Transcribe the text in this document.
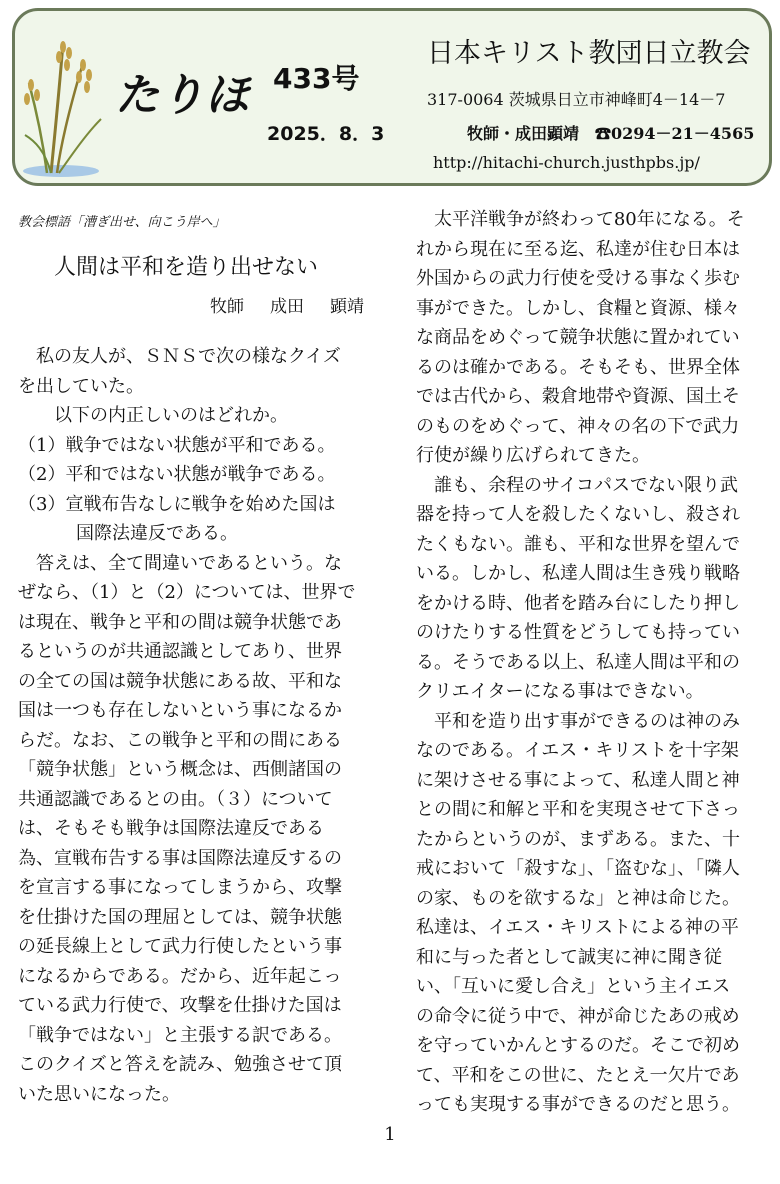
たりほ 433号
2025．8．3
日本キリスト教団日立教会
317-0064 茨城県日立市神峰町4－14－7
牧師・成田顕靖　☎0294－21－4565
http://hitachi-church.justhpbs.jp/
教会標語「漕ぎ出せ、向こう岸へ」
人間は平和を造り出せない
牧師 成田 顕靖

　私の友人が、ＳＮＳで次の様なクイズ

を出していた。

　　以下の内正しいのはどれか。

（1）戦争ではない状態が平和である。

（2）平和ではない状態が戦争である。

（3）宣戦布告なしに戦争を始めた国は

国際法違反である。

　答えは、全て間違いであるという。な

ぜなら、（1）と（2）については、世界で

は現在、戦争と平和の間は競争状態であ

るというのが共通認識としてあり、世界

の全ての国は競争状態にある故、平和な

国は一つも存在しないという事になるか

らだ。なお、この戦争と平和の間にある

「競争状態」という概念は、西側諸国の

共通認識であるとの由。（３）について

は、そもそも戦争は国際法違反である

為、宣戦布告する事は国際法違反するの

を宣言する事になってしまうから、攻撃

を仕掛けた国の理屈としては、競争状態

の延長線上として武力行使したという事

になるからである。だから、近年起こっ

ている武力行使で、攻撃を仕掛けた国は

「戦争ではない」と主張する訳である。

このクイズと答えを読み、勉強させて頂

いた思いになった。

　太平洋戦争が終わって80年になる。そ

れから現在に至る迄、私達が住む日本は

外国からの武力行使を受ける事なく歩む

事ができた。しかし、食糧と資源、様々

な商品をめぐって競争状態に置かれてい

るのは確かである。そもそも、世界全体

では古代から、穀倉地帯や資源、国土そ

のものをめぐって、神々の名の下で武力

行使が繰り広げられてきた。

　誰も、余程のサイコパスでない限り武

器を持って人を殺したくないし、殺され

たくもない。誰も、平和な世界を望んで

いる。しかし、私達人間は生き残り戦略

をかける時、他者を踏み台にしたり押し

のけたりする性質をどうしても持ってい

る。そうである以上、私達人間は平和の

クリエイターになる事はできない。

　平和を造り出す事ができるのは神のみ

なのである。イエス・キリストを十字架

に架けさせる事によって、私達人間と神

との間に和解と平和を実現させて下さっ

たからというのが、まずある。また、十

戒において「殺すな」、「盗むな」、「隣人

の家、ものを欲するな」と神は命じた。

私達は、イエス・キリストによる神の平

和に与った者として誠実に神に聞き従

い、「互いに愛し合え」という主イエス

の命令に従う中で、神が命じたあの戒め

を守っていかんとするのだ。そこで初め

て、平和をこの世に、たとえ一欠片であ

っても実現する事ができるのだと思う。

1
